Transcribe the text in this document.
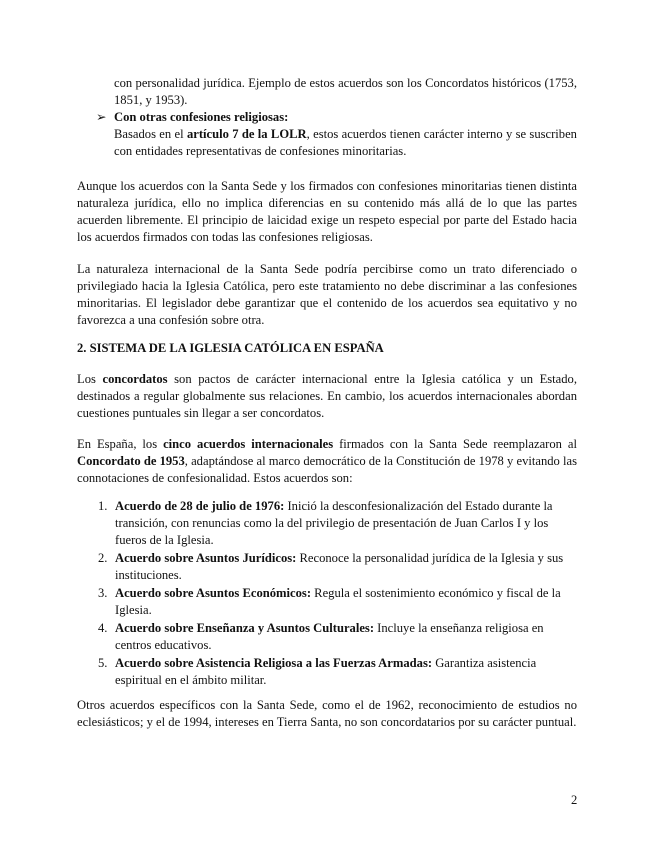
con personalidad jurídica. Ejemplo de estos acuerdos son los Concordatos históricos (1753, 1851, y 1953).

➢ Con otras confesiones religiosas:

Basados en el artículo 7 de la LOLR, estos acuerdos tienen carácter interno y se suscriben con entidades representativas de confesiones minoritarias.

Aunque los acuerdos con la Santa Sede y los firmados con confesiones minoritarias tienen distinta naturaleza jurídica, ello no implica diferencias en su contenido más allá de lo que las partes acuerden libremente. El principio de laicidad exige un respeto especial por parte del Estado hacia los acuerdos firmados con todas las confesiones religiosas.

La naturaleza internacional de la Santa Sede podría percibirse como un trato diferenciado o privilegiado hacia la Iglesia Católica, pero este tratamiento no debe discriminar a las confesiones minoritarias. El legislador debe garantizar que el contenido de los acuerdos sea equitativo y no favorezca a una confesión sobre otra.

2. SISTEMA DE LA IGLESIA CATÓLICA EN ESPAÑA

Los concordatos son pactos de carácter internacional entre la Iglesia católica y un Estado, destinados a regular globalmente sus relaciones. En cambio, los acuerdos internacionales abordan cuestiones puntuales sin llegar a ser concordatos.

En España, los cinco acuerdos internacionales firmados con la Santa Sede reemplazaron al Concordato de 1953, adaptándose al marco democrático de la Constitución de 1978 y evitando las connotaciones de confesionalidad. Estos acuerdos son:

1. Acuerdo de 28 de julio de 1976: Inició la desconfesionalización del Estado durante la transición, con renuncias como la del privilegio de presentación de Juan Carlos I y los fueros de la Iglesia.
2. Acuerdo sobre Asuntos Jurídicos: Reconoce la personalidad jurídica de la Iglesia y sus instituciones.
3. Acuerdo sobre Asuntos Económicos: Regula el sostenimiento económico y fiscal de la Iglesia.
4. Acuerdo sobre Enseñanza y Asuntos Culturales: Incluye la enseñanza religiosa en centros educativos.
5. Acuerdo sobre Asistencia Religiosa a las Fuerzas Armadas: Garantiza asistencia espiritual en el ámbito militar.

Otros acuerdos específicos con la Santa Sede, como el de 1962, reconocimiento de estudios no eclesiásticos; y el de 1994, intereses en Tierra Santa, no son concordatarios por su carácter puntual.

2
